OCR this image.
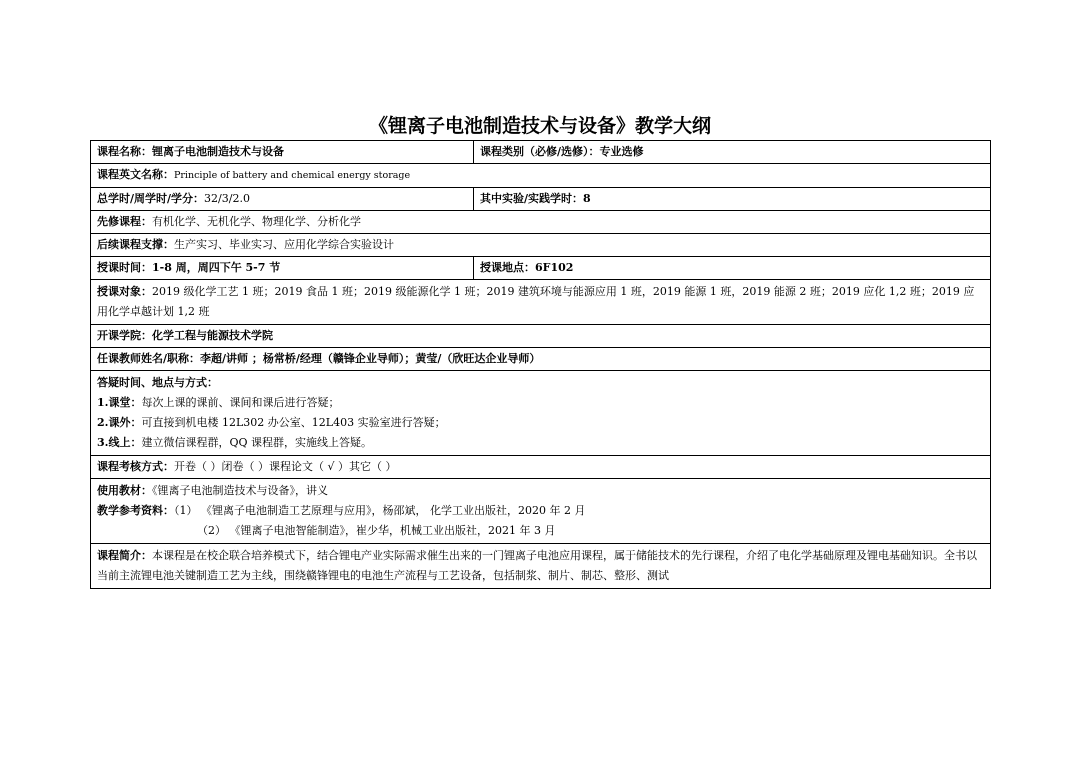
《锂离子电池制造技术与设备》教学大纲
课程名称：锂离子电池制造技术与设备	课程类别（必修/选修）：专业选修
课程英文名称：Principle of battery and chemical energy storage	
总学时/周学时/学分：32/3/2.0	其中实验/实践学时：8
先修课程：有机化学、无机化学、物理化学、分析化学	
后续课程支撑：生产实习、毕业实习、应用化学综合实验设计	
授课时间：1-8 周，周四下午 5-7 节	授课地点：6F102
授课对象：2019 级化学工艺 1 班；2019 食品 1 班；2019 级能源化学 1 班；2019 建筑环境与能源应用 1 班，2019 能源 1 班，2019 能源 2 班；2019 应化 1,2 班；2019 应用化学卓越计划 1,2 班	
开课学院：化学工程与能源技术学院	
任课教师姓名/职称：李超/讲师 ；杨常桥/经理（赣锋企业导师）；黄莹/（欣旺达企业导师）	

答疑时间、地点与方式：
1.课堂：每次上课的课前、课间和课后进行答疑；
2.课外：可直接到机电楼 12L302 办公室、12L403 实验室进行答疑；
3.线上：建立微信课程群，QQ 课程群，实施线上答疑。	

课程考核方式：开卷（ ）闭卷（ ）课程论文（ √ ）其它（ ）	

使用教材：《锂离子电池制造技术与设备》，讲义
教学参考资料：（1） 《锂离子电池制造工艺原理与应用》，杨邵斌， 化学工业出版社，2020 年 2 月
（2） 《锂离子电池智能制造》，崔少华，机械工业出版社，2021 年 3 月	

课程简介：本课程是在校企联合培养模式下，结合锂电产业实际需求催生出来的一门锂离子电池应用课程，属于储能技术的先行课程，介绍了电化学基础原理及锂电基础知识。全书以当前主流锂电池关键制造工艺为主线，围绕赣锋锂电的电池生产流程与工艺设备，包括制浆、制片、制芯、整形、测试	
